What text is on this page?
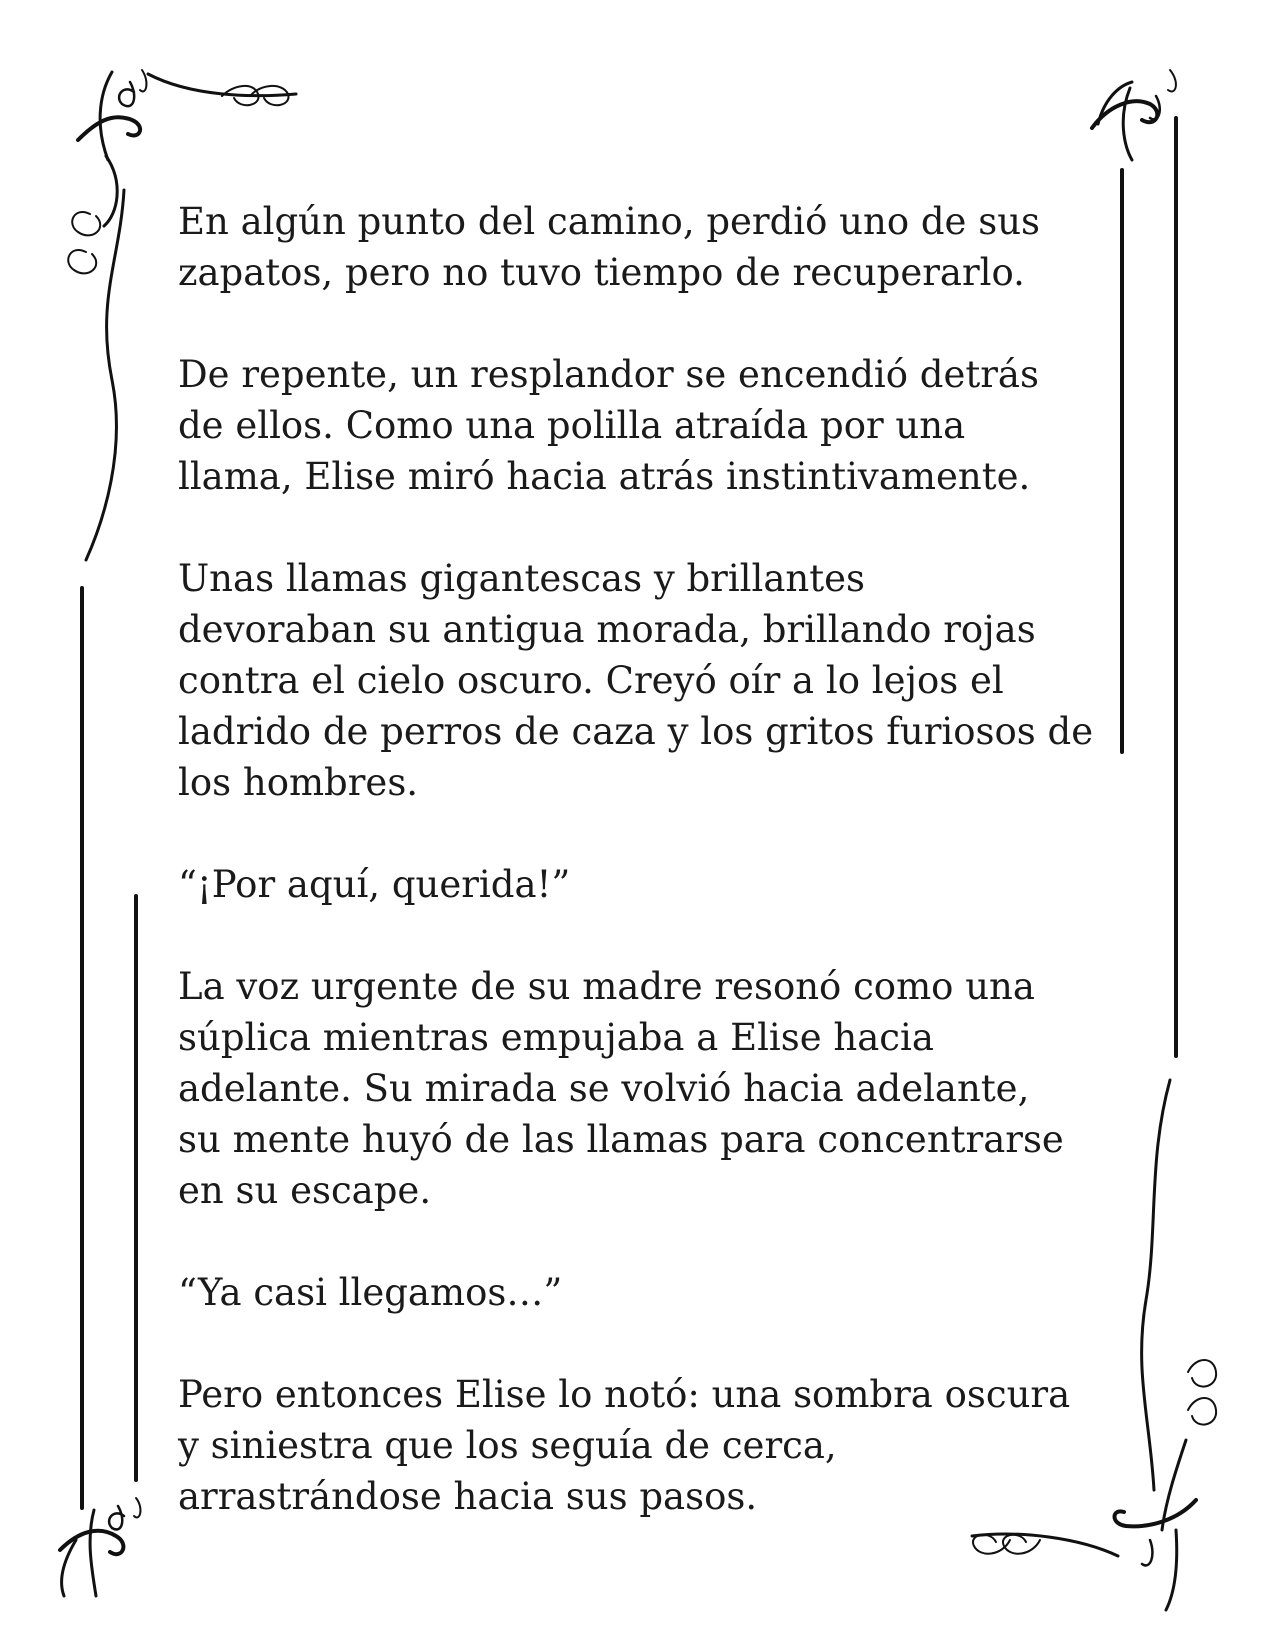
En algún punto del camino, perdió uno de sus
zapatos, pero no tuvo tiempo de recuperarlo.

De repente, un resplandor se encendió detrás
de ellos. Como una polilla atraída por una
llama, Elise miró hacia atrás instintivamente.

Unas llamas gigantescas y brillantes
devoraban su antigua morada, brillando rojas
contra el cielo oscuro. Creyó oír a lo lejos el
ladrido de perros de caza y los gritos furiosos de
los hombres.

“¡Por aquí, querida!”

La voz urgente de su madre resonó como una
súplica mientras empujaba a Elise hacia
adelante. Su mirada se volvió hacia adelante,
su mente huyó de las llamas para concentrarse
en su escape.

“Ya casi llegamos…”

Pero entonces Elise lo notó: una sombra oscura
y siniestra que los seguía de cerca,
arrastrándose hacia sus pasos.
